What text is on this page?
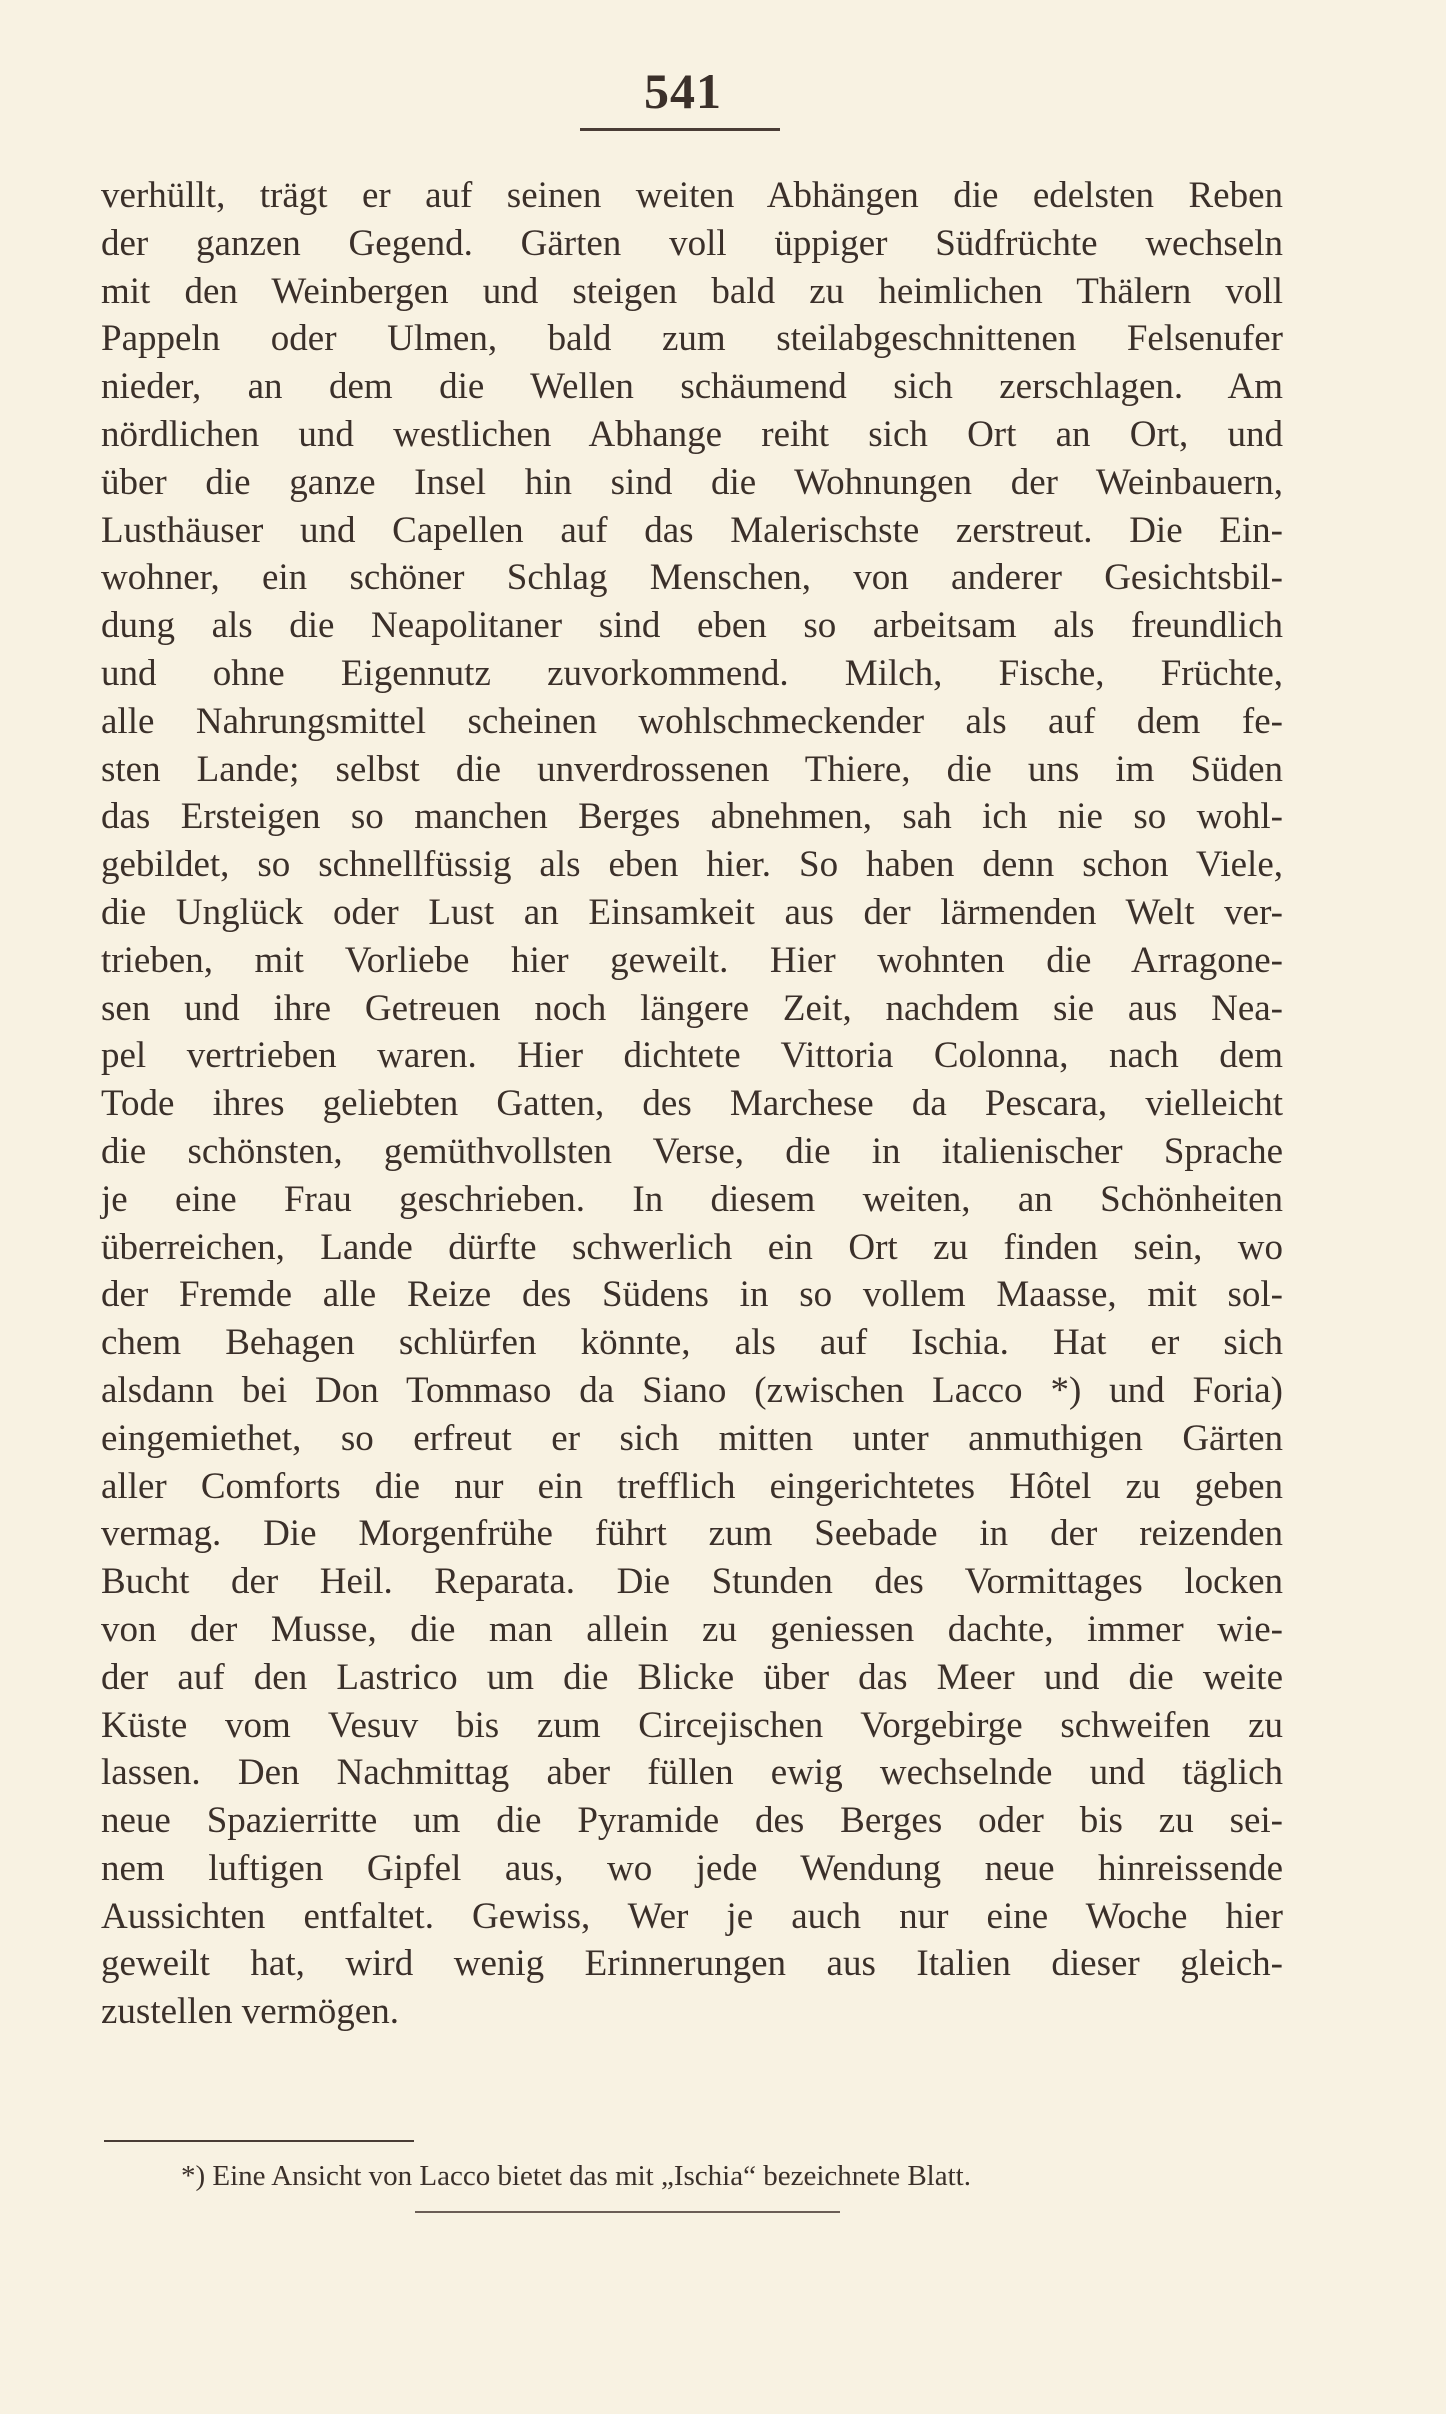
541
verhüllt, trägt er auf seinen weiten Abhängen die edelsten Reben
der ganzen Gegend. Gärten voll üppiger Südfrüchte wechseln
mit den Weinbergen und steigen bald zu heimlichen Thälern voll
Pappeln oder Ulmen, bald zum steilabgeschnittenen Felsenufer
nieder, an dem die Wellen schäumend sich zerschlagen. Am
nördlichen und westlichen Abhange reiht sich Ort an Ort, und
über die ganze Insel hin sind die Wohnungen der Weinbauern,
Lusthäuser und Capellen auf das Malerischste zerstreut. Die Ein-
wohner, ein schöner Schlag Menschen, von anderer Gesichtsbil-
dung als die Neapolitaner sind eben so arbeitsam als freundlich
und ohne Eigennutz zuvorkommend. Milch, Fische, Früchte,
alle Nahrungsmittel scheinen wohlschmeckender als auf dem fe-
sten Lande; selbst die unverdrossenen Thiere, die uns im Süden
das Ersteigen so manchen Berges abnehmen, sah ich nie so wohl-
gebildet, so schnellfüssig als eben hier. So haben denn schon Viele,
die Unglück oder Lust an Einsamkeit aus der lärmenden Welt ver-
trieben, mit Vorliebe hier geweilt. Hier wohnten die Arragone-
sen und ihre Getreuen noch längere Zeit, nachdem sie aus Nea-
pel vertrieben waren. Hier dichtete Vittoria Colonna, nach dem
Tode ihres geliebten Gatten, des Marchese da Pescara, vielleicht
die schönsten, gemüthvollsten Verse, die in italienischer Sprache
je eine Frau geschrieben. In diesem weiten, an Schönheiten
überreichen, Lande dürfte schwerlich ein Ort zu finden sein, wo
der Fremde alle Reize des Südens in so vollem Maasse, mit sol-
chem Behagen schlürfen könnte, als auf Ischia. Hat er sich
alsdann bei Don Tommaso da Siano (zwischen Lacco *) und Foria)
eingemiethet, so erfreut er sich mitten unter anmuthigen Gärten
aller Comforts die nur ein trefflich eingerichtetes Hôtel zu geben
vermag. Die Morgenfrühe führt zum Seebade in der reizenden
Bucht der Heil. Reparata. Die Stunden des Vormittages locken
von der Musse, die man allein zu geniessen dachte, immer wie-
der auf den Lastrico um die Blicke über das Meer und die weite
Küste vom Vesuv bis zum Circejischen Vorgebirge schweifen zu
lassen. Den Nachmittag aber füllen ewig wechselnde und täglich
neue Spazierritte um die Pyramide des Berges oder bis zu sei-
nem luftigen Gipfel aus, wo jede Wendung neue hinreissende
Aussichten entfaltet. Gewiss, Wer je auch nur eine Woche hier
geweilt hat, wird wenig Erinnerungen aus Italien dieser gleich-
zustellen vermögen.
*) Eine Ansicht von Lacco bietet das mit „Ischia“ bezeichnete Blatt.
